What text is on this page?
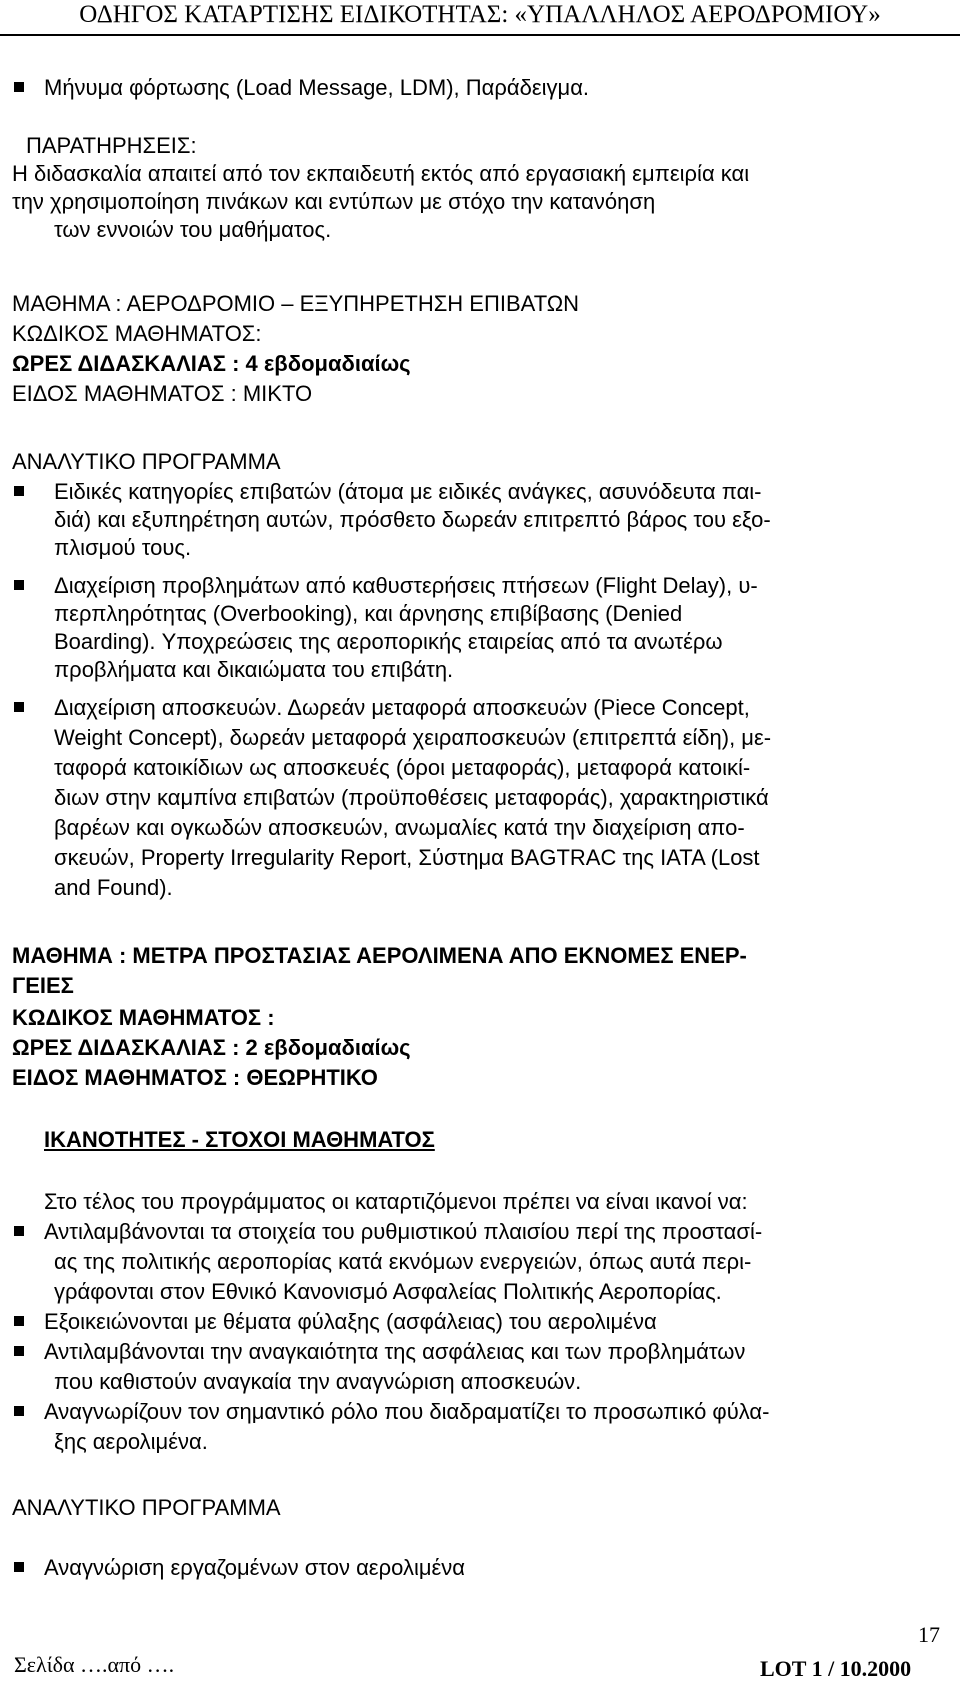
ΟΔΗΓΟΣ ΚΑΤΑΡΤΙΣΗΣ ΕΙΔΙΚΟΤΗΤΑΣ: «ΥΠΑΛΛΗΛΟΣ ΑΕΡΟΔΡΟΜΙΟΥ»
Μήνυμα φόρτωσης (Load Message, LDM), Παράδειγμα.
ΠΑΡΑΤΗΡΗΣΕΙΣ:
Η διδασκαλία απαιτεί από τον εκπαιδευτή εκτός από εργασιακή εμπειρία και
την χρησιμοποίηση πινάκων και εντύπων με στόχο την κατανόηση
των εννοιών του μαθήματος.
ΜΑΘΗΜΑ : ΑΕΡΟΔΡΟΜΙΟ – ΕΞΥΠΗΡΕΤΗΣΗ ΕΠΙΒΑΤΩΝ
ΚΩΔΙΚΟΣ ΜΑΘΗΜΑΤΟΣ:
ΩΡΕΣ ΔΙΔΑΣΚΑΛΙΑΣ : 4 εβδομαδιαίως
ΕΙΔΟΣ ΜΑΘΗΜΑΤΟΣ : ΜΙΚΤΟ
ΑΝΑΛΥΤΙΚΟ ΠΡΟΓΡΑΜΜΑ
Ειδικές κατηγορίες επιβατών (άτομα με ειδικές ανάγκες, ασυνόδευτα παι-
διά) και εξυπηρέτηση αυτών, πρόσθετο δωρεάν επιτρεπτό βάρος του εξο-
πλισμού τους.
Διαχείριση προβλημάτων από καθυστερήσεις πτήσεων (Flight Delay), υ-
περπληρότητας (Overbooking), και άρνησης επιβίβασης (Denied
Boarding). Υποχρεώσεις της αεροπορικής εταιρείας από τα ανωτέρω
προβλήματα και δικαιώματα του επιβάτη.
Διαχείριση αποσκευών. Δωρεάν μεταφορά αποσκευών (Piece Concept,
Weight Concept), δωρεάν μεταφορά χειραποσκευών (επιτρεπτά είδη), με-
ταφορά κατοικίδιων ως αποσκευές (όροι μεταφοράς), μεταφορά κατοικί-
διων στην καμπίνα επιβατών (προϋποθέσεις μεταφοράς), χαρακτηριστικά
βαρέων και ογκωδών αποσκευών, ανωμαλίες κατά την διαχείριση απο-
σκευών, Property Irregularity Report, Σύστημα BAGTRAC της ΙΑΤΑ (Lost
and Found).
ΜΑΘΗΜΑ : ΜΕΤΡΑ ΠΡΟΣΤΑΣΙΑΣ ΑΕΡΟΛΙΜΕΝΑ ΑΠΟ ΕΚΝΟΜΕΣ ΕΝΕΡ-
ΓΕΙΕΣ
ΚΩΔΙΚΟΣ ΜΑΘΗΜΑΤΟΣ :
ΩΡΕΣ ΔΙΔΑΣΚΑΛΙΑΣ : 2 εβδομαδιαίως
ΕΙΔΟΣ ΜΑΘΗΜΑΤΟΣ : ΘΕΩΡΗΤΙΚΟ
ΙΚΑΝΟΤΗΤΕΣ - ΣΤΟΧΟΙ ΜΑΘΗΜΑΤΟΣ
Στο τέλος του προγράμματος οι καταρτιζόμενοι πρέπει να είναι ικανοί να:
Αντιλαμβάνονται τα στοιχεία του ρυθμιστικού πλαισίου περί της προστασί-
ας της πολιτικής αεροπορίας κατά εκνόμων ενεργειών, όπως αυτά περι-
γράφονται στον Εθνικό Κανονισμό Ασφαλείας Πολιτικής Αεροπορίας.
Εξοικειώνονται με θέματα φύλαξης (ασφάλειας) του αερολιμένα
Αντιλαμβάνονται την αναγκαιότητα της ασφάλειας και των προβλημάτων
που καθιστούν αναγκαία την αναγνώριση αποσκευών.
Αναγνωρίζουν τον σημαντικό ρόλο που διαδραματίζει το προσωπικό φύλα-
ξης αερολιμένα.
ΑΝΑΛΥΤΙΚΟ ΠΡΟΓΡΑΜΜΑ
Αναγνώριση εργαζομένων στον αερολιμένα
17
Σελίδα ….από ….	LOT 1 / 10.2000
